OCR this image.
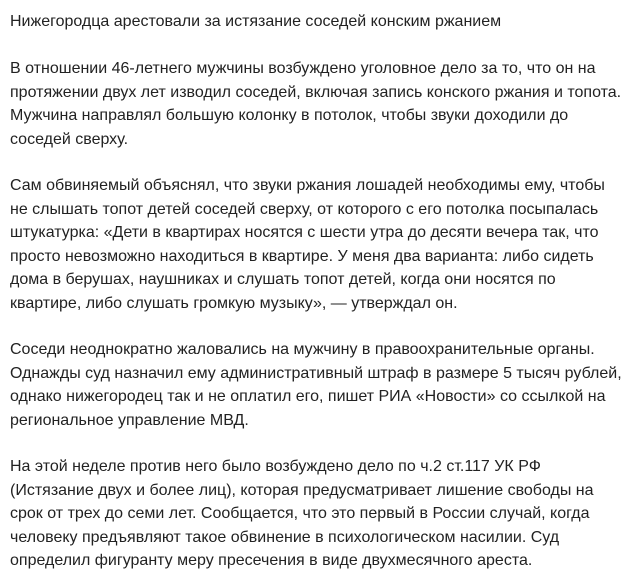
Нижегородца арестовали за истязание соседей конским ржанием

В отношении 46-летнего мужчины возбуждено уголовное дело за то, что он на протяжении двух лет изводил соседей, включая запись конского ржания и топота. Мужчина направлял большую колонку в потолок, чтобы звуки доходили до соседей сверху.

Сам обвиняемый объяснял, что звуки ржания лошадей необходимы ему, чтобы не слышать топот детей соседей сверху, от которого с его потолка посыпалась штукатурка: «Дети в квартирах носятся с шести утра до десяти вечера так, что просто невозможно находиться в квартире. У меня два варианта: либо сидеть дома в берушах, наушниках и слушать топот детей, когда они носятся по квартире, либо слушать громкую музыку», — утверждал он.

Соседи неоднократно жаловались на мужчину в правоохранительные органы. Однажды суд назначил ему административный штраф в размере 5 тысяч рублей, однако нижегородец так и не оплатил его, пишет РИА «Новости» со ссылкой на региональное управление МВД.

На этой неделе против него было возбуждено дело по ч.2 ст.117 УК РФ (Истязание двух и более лиц), которая предусматривает лишение свободы на срок от трех до семи лет. Сообщается, что это первый в России случай, когда человеку предъявляют такое обвинение в психологическом насилии. Суд определил фигуранту меру пресечения в виде двухмесячного ареста.
